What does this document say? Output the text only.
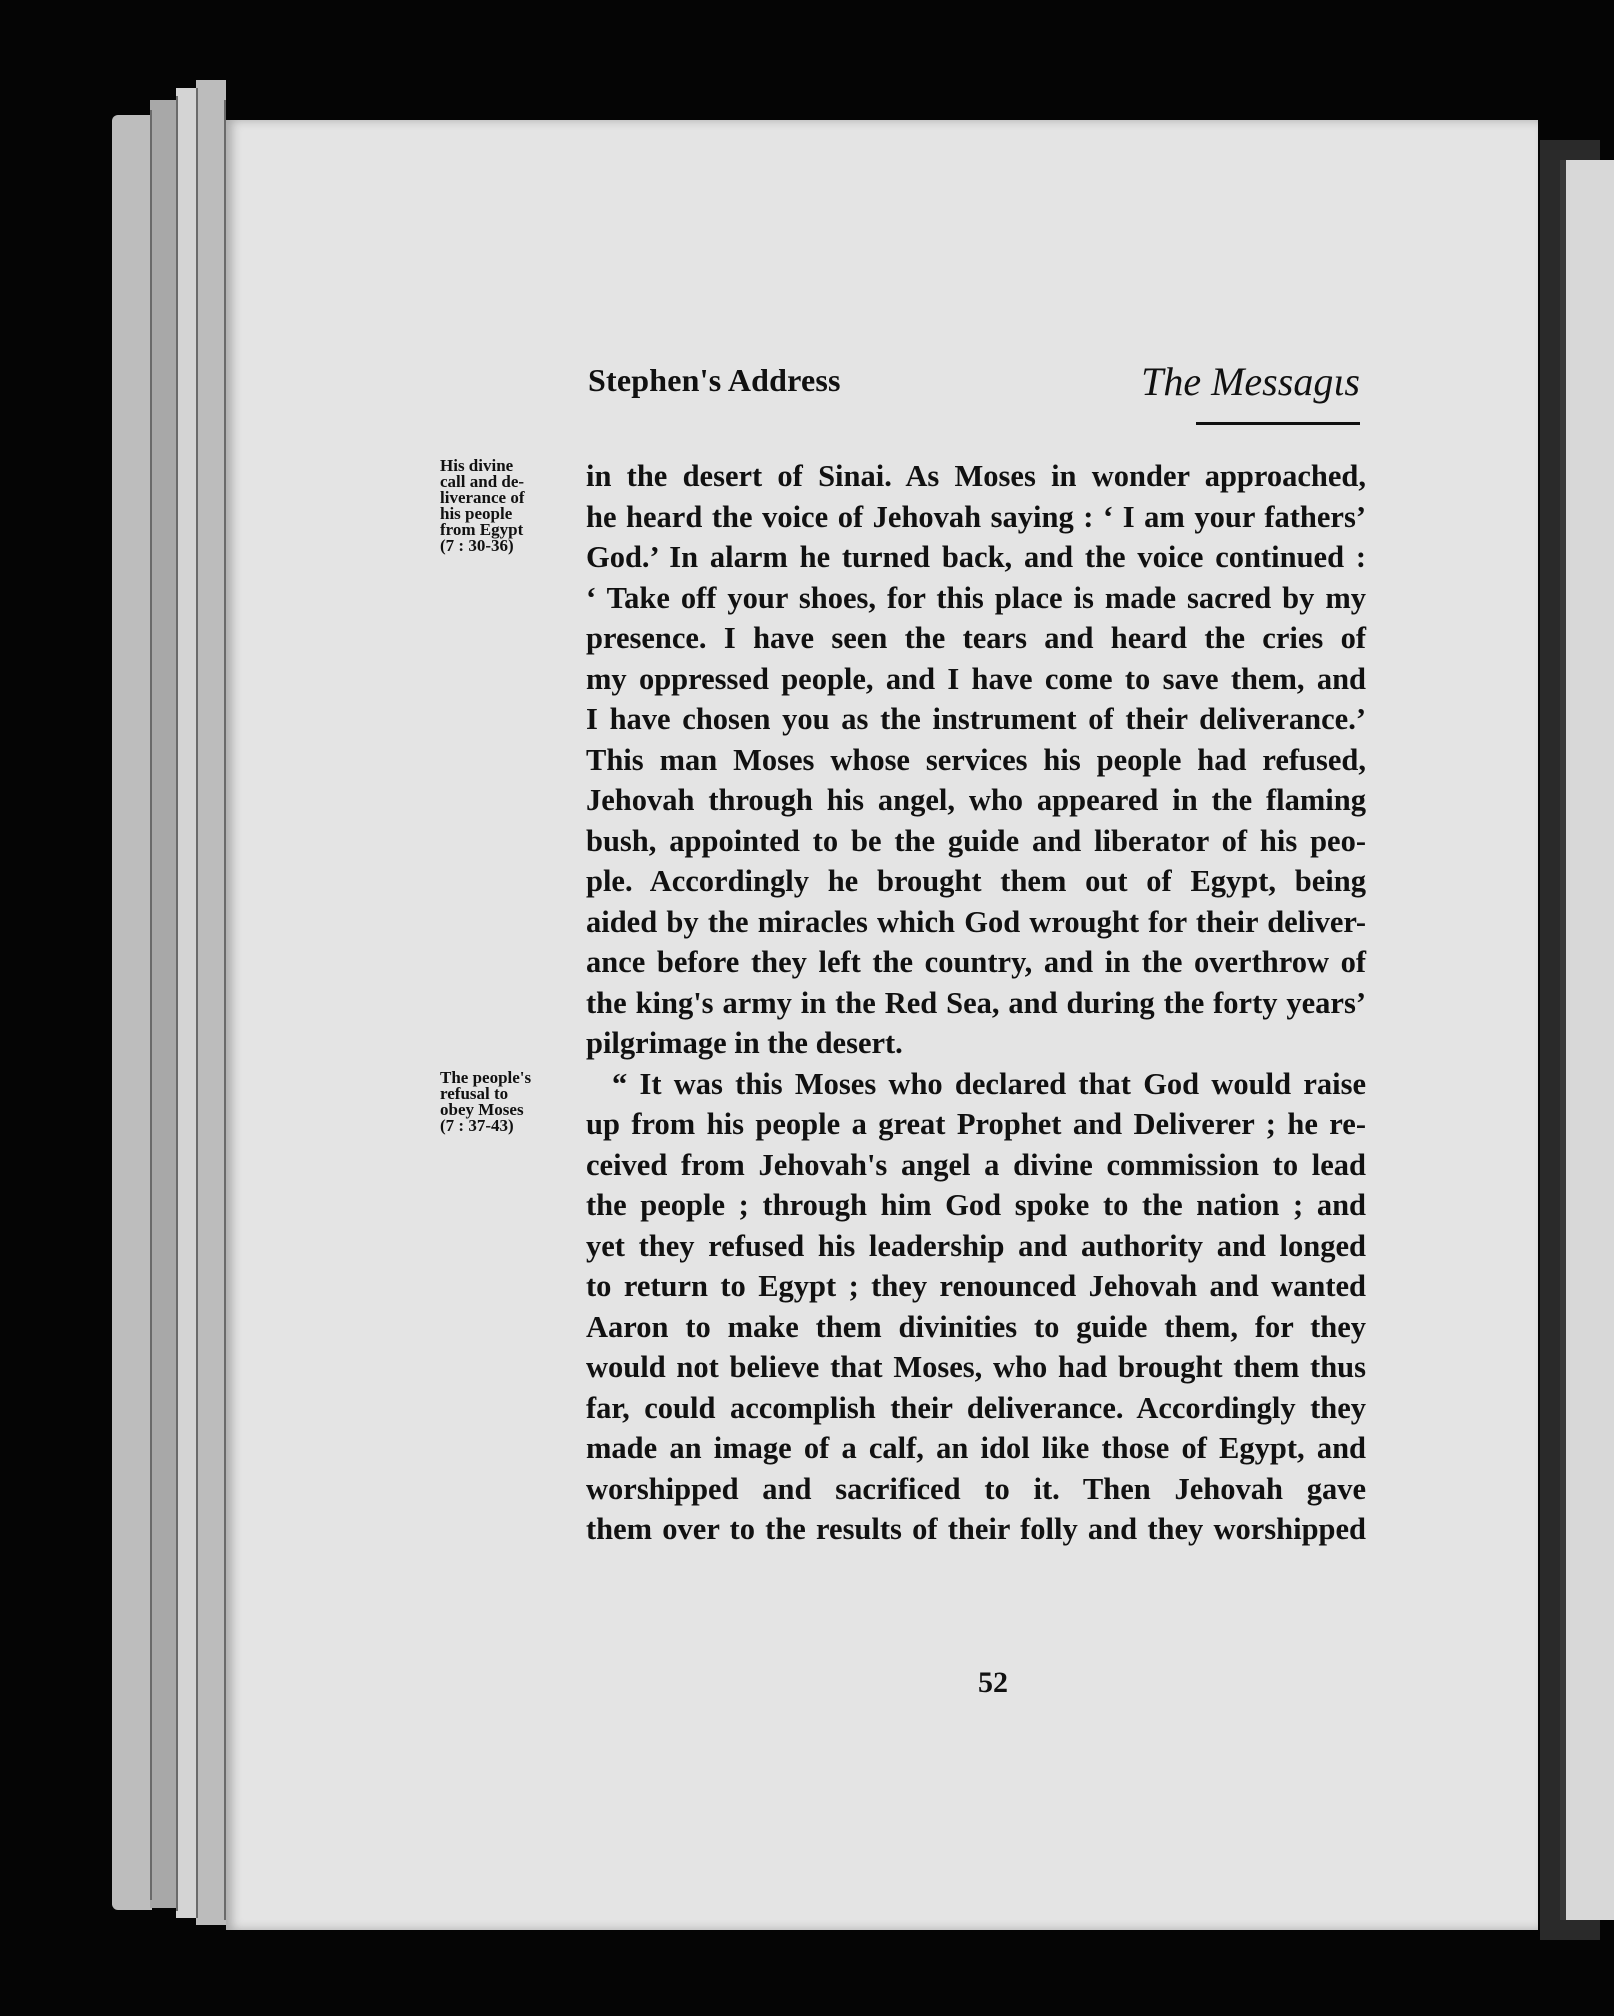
Stephen's Address	The Messagɩs

His divine

call and de-

liverance of

his people

from Egypt

(7 : 30-36)

The people's

refusal to

obey Moses

(7 : 37-43)

in the desert of Sinai. As Moses in wonder approached,
he heard the voice of Jehovah saying : ‘ I am your fathers’
God.’ In alarm he turned back, and the voice continued :
‘ Take off your shoes, for this place is made sacred by my
presence. I have seen the tears and heard the cries of
my oppressed people, and I have come to save them, and
I have chosen you as the instrument of their deliverance.’
This man Moses whose services his people had refused,
Jehovah through his angel, who appeared in the flaming
bush, appointed to be the guide and liberator of his peo-
ple. Accordingly he brought them out of Egypt, being
aided by the miracles which God wrought for their deliver-
ance before they left the country, and in the overthrow of
the king's army in the Red Sea, and during the forty years’
pilgrimage in the desert.
“ It was this Moses who declared that God would raise
up from his people a great Prophet and Deliverer ; he re-
ceived from Jehovah's angel a divine commission to lead
the people ; through him God spoke to the nation ; and
yet they refused his leadership and authority and longed
to return to Egypt ; they renounced Jehovah and wanted
Aaron to make them divinities to guide them, for they
would not believe that Moses, who had brought them thus
far, could accomplish their deliverance. Accordingly they
made an image of a calf, an idol like those of Egypt, and
worshipped and sacrificed to it. Then Jehovah gave
them over to the results of their folly and they worshipped
52
